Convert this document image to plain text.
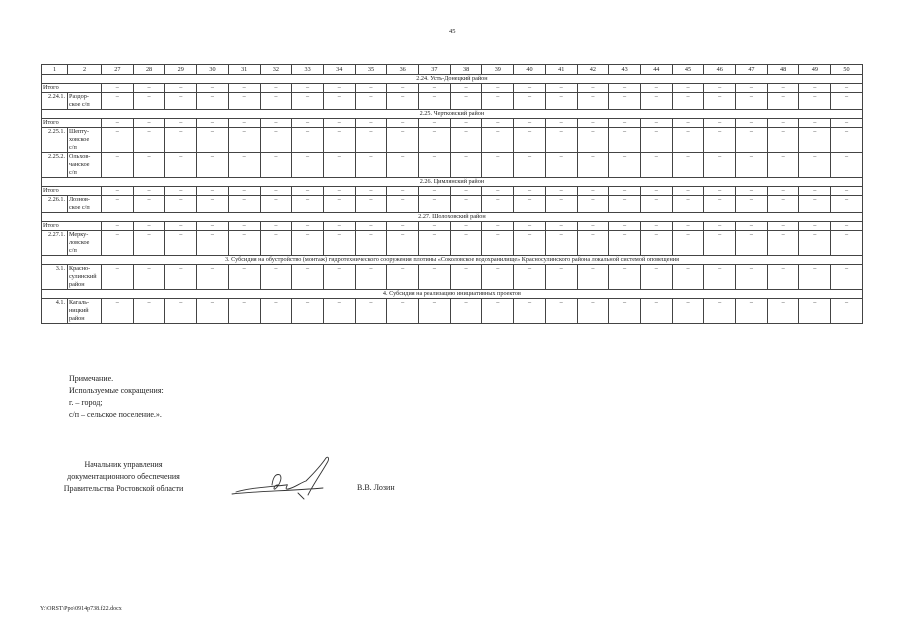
45
1	2	27	28	29	30	31	32	33	34	35	36	37	38	39	40	41	42	43	44	45	46	47	48	49	50
2.24. Усть-Донецкий район																									
Итого		–	–	–	–	–	–	–	–	–	–	–	–	–	–	–	–	–	–	–	–	–	–	–	–
2.24.1.	Раздор-
ское с/п	–	–	–	–	–	–	–	–	–	–	–	–	–	–	–	–	–	–	–	–	–	–	–	–
2.25. Чертковский район																									
Итого		–	–	–	–	–	–	–	–	–	–	–	–	–	–	–	–	–	–	–	–	–	–	–	–
2.25.1.	Шепту-
ховское
с/п	–	–	–	–	–	–	–	–	–	–	–	–	–	–	–	–	–	–	–	–	–	–	–	–
2.25.2.	Ольхов-
чанское
с/п	–	–	–	–	–	–	–	–	–	–	–	–	–	–	–	–	–	–	–	–	–	–	–	–
2.26. Цимлянский район																									
Итого		–	–	–	–	–	–	–	–	–	–	–	–	–	–	–	–	–	–	–	–	–	–	–	–
2.26.1.	Лознов-
ское с/п	–	–	–	–	–	–	–	–	–	–	–	–	–	–	–	–	–	–	–	–	–	–	–	–
2.27. Шолоховский район																									
Итого		–	–	–	–	–	–	–	–	–	–	–	–	–	–	–	–	–	–	–	–	–	–	–	–
2.27.1.	Мерку-
ловское
с/п	–	–	–	–	–	–	–	–	–	–	–	–	–	–	–	–	–	–	–	–	–	–	–	–
3. Субсидия на обустройство (монтаж) гидротехнического сооружения плотины «Соколовское водохранилище» Красносулинского района локальной системой оповещения																									
3.1.	Красно-
сулинский
район	–	–	–	–	–	–	–	–	–	–	–	–	–	–	–	–	–	–	–	–	–	–	–	–
4. Субсидия на реализацию инициативных проектов																									
4.1.	Кагаль-
ницкий
район	–	–	–	–	–	–	–	–	–	–	–	–	–	–	–	–	–	–	–	–	–	–	–	–
Примечание.
Используемые сокращения:
г. – город;
с/п – сельское поселение.».
Начальник управления
документационного обеспечения
Правительства Ростовской области	В.В. Лозин
Y:\ORST\Ppo\0914p738.f22.docx
